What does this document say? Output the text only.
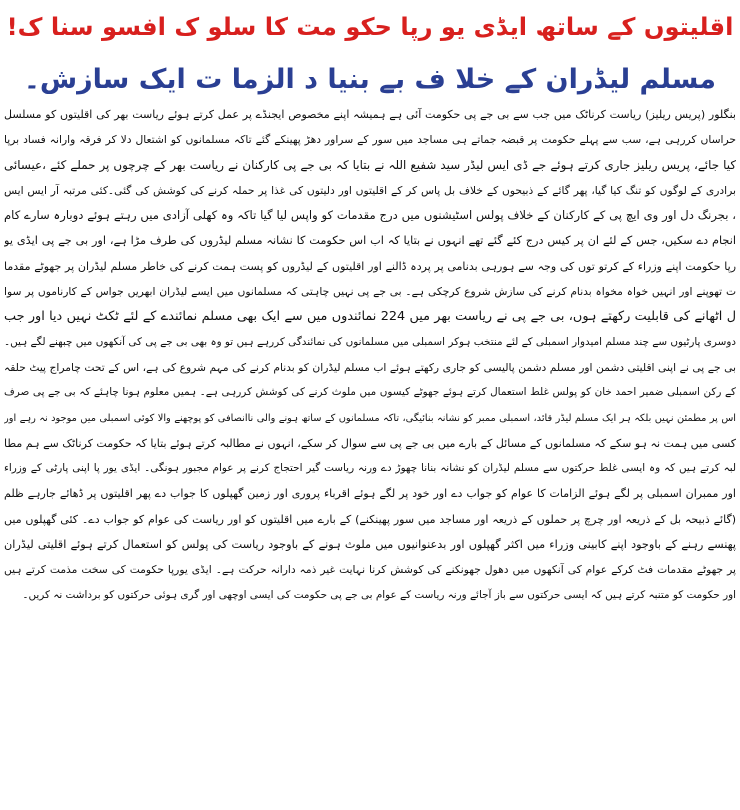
اقلیتوں کے ساتھ ایڈی یو رپا حکو مت کا سلو ک افسو سنا ک!
مسلم لیڈران کے خلا ف بے بنیا د الزما ت ایک سازش۔
بنگلور (پریس ریلیز) ریاست کرناٹک میں جب سے بی جے پی حکومت آئی ہے ہمیشہ اپنے مخصوص ایجنڈے پر عمل کرتے ہوئے ریاست بھر کی اقلیتوں کو مسلسل
حراساں کررہی ہے، سب سے پہلے حکومت پر قبضہ جماتے ہی مساجد میں سور کے سراور دھڑ پھینکے گئے تاکہ مسلمانوں کو اشتعال دلا کر فرقہ وارانہ فساد برپا
کیا جائے، پریس ریلیز جاری کرتے ہوئے جے ڈی ایس لیڈر سید شفیع اللہ نے بتایا کہ بی جے پی کارکنان نے ریاست بھر کے چرچوں پر حملے کئے ،عیسائی
برادری کے لوگوں کو تنگ کیا گیا، پھر گائے کے ذبیحوں کے خلاف بل پاس کر کے اقلیتوں اور دلیتوں کی غذا پر حملہ کرنے کی کوشش کی گئی۔کئی مرتبہ آر ایس ایس
، بجرنگ دل اور وی ایچ پی کے کارکنان کے خلاف پولس اسٹیشنوں میں درج مقدمات کو واپس لیا گیا تاکہ وہ کھلی آزادی میں رہتے ہوئے دوبارہ سارے کام
انجام دے سکیں، جس کے لئے ان پر کیس درج کئے گئے تھے انہوں نے بتایا کہ اب اس حکومت کا نشانہ مسلم لیڈروں کی طرف مڑا ہے، اور بی جے پی ایڈی یو
رپا حکومت اپنے وزراء کے کرتو توں کی وجہ سے ہورہی بدنامی پر پردہ ڈالنے اور اقلیتوں کے لیڈروں کو پست ہمت کرنے کی خاطر مسلم لیڈران پر جھوٹے مقدما
ت تھوپنے اور انہیں خواہ مخواہ بدنام کرنے کی سازش شروع کرچکی ہے۔ بی جے پی نہیں چاہتی کہ مسلمانوں میں ایسے لیڈران ابھریں جواس کے کارناموں پر سوا
ل اٹھانے کی قابلیت رکھتے ہوں، بی جے پی نے ریاست بھر میں 224 نمائندوں میں سے ایک بھی مسلم نمائندے کے لئے ٹکٹ نہیں دیا اور جب
دوسری پارٹیوں سے چند مسلم امیدوار اسمبلی کے لئے منتخب ہوکر اسمبلی میں مسلمانوں کی نمائندگی کررہے ہیں تو وہ بھی بی جے پی کی آنکھوں میں چبھنے لگے ہیں۔
بی جے پی نے اپنی اقلیتی دشمن اور مسلم دشمن پالیسی کو جاری رکھتے ہوئے اب مسلم لیڈران کو بدنام کرنے کی مہم شروع کی ہے، اس کے تحت چامراج پیٹ حلقہ
کے رکن اسمبلی ضمیر احمد خان کو پولس غلط استعمال کرتے ہوئے جھوٹے کیسوں میں ملوث کرنے کی کوشش کررہی ہے۔ ہمیں معلوم ہونا چاہئے کہ بی جے پی صرف
اس پر مطمئن نہیں بلکہ ہر ایک مسلم لیڈر قائد، اسمبلی ممبر کو نشانہ بنائیگی، تاکہ مسلمانوں کے ساتھ ہونے والی ناانصافی کو پوچھنے والا کوئی اسمبلی میں موجود نہ رہے اور
کسی میں ہمت نہ ہو سکے کہ مسلمانوں کے مسائل کے بارے میں بی جے پی سے سوال کر سکے، انہوں نے مطالبہ کرتے ہوئے بتایا کہ حکومت کرناٹک سے ہم مطا
لبہ کرتے ہیں کہ وہ ایسی غلط حرکتوں سے مسلم لیڈران کو نشانہ بنانا چھوڑ دے ورنہ ریاست گیر احتجاج کرنے پر عوام مجبور ہونگی۔ ایڈی یور پا اپنی پارٹی کے وزراء
اور ممبران اسمبلی پر لگے ہوئے الزامات کا عوام کو جواب دے اور خود پر لگے ہوئے اقرباء پروری اور زمین گھپلوں کا جواب دے پھر اقلیتوں پر ڈھائے جارہے ظلم
(گائے ذبیحہ بل کے ذریعہ اور چرچ پر حملوں کے ذریعہ اور مساجد میں سور پھینکنے) کے بارے میں اقلیتوں کو اور ریاست کی عوام کو جواب دے۔ کئی گھپلوں میں
پھنسے رہنے کے باوجود اپنے کابینی وزراء میں اکثر گھپلوں اور بدعنوانیوں میں ملوث ہونے کے باوجود ریاست کی پولس کو استعمال کرتے ہوئے اقلیتی لیڈران
پر جھوٹے مقدمات فٹ کرکے عوام کی آنکھوں میں دھول جھونکنے کی کوشش کرنا نہایت غیر ذمہ دارانہ حرکت ہے۔ ایڈی یورپا حکومت کی سخت مذمت کرتے ہیں
اور حکومت کو متنبہ کرتے ہیں کہ ایسی حرکتوں سے باز آجائے ورنہ ریاست کے عوام بی جے پی حکومت کی ایسی اوچھی اور گری ہوئی حرکتوں کو برداشت نہ کریں۔
